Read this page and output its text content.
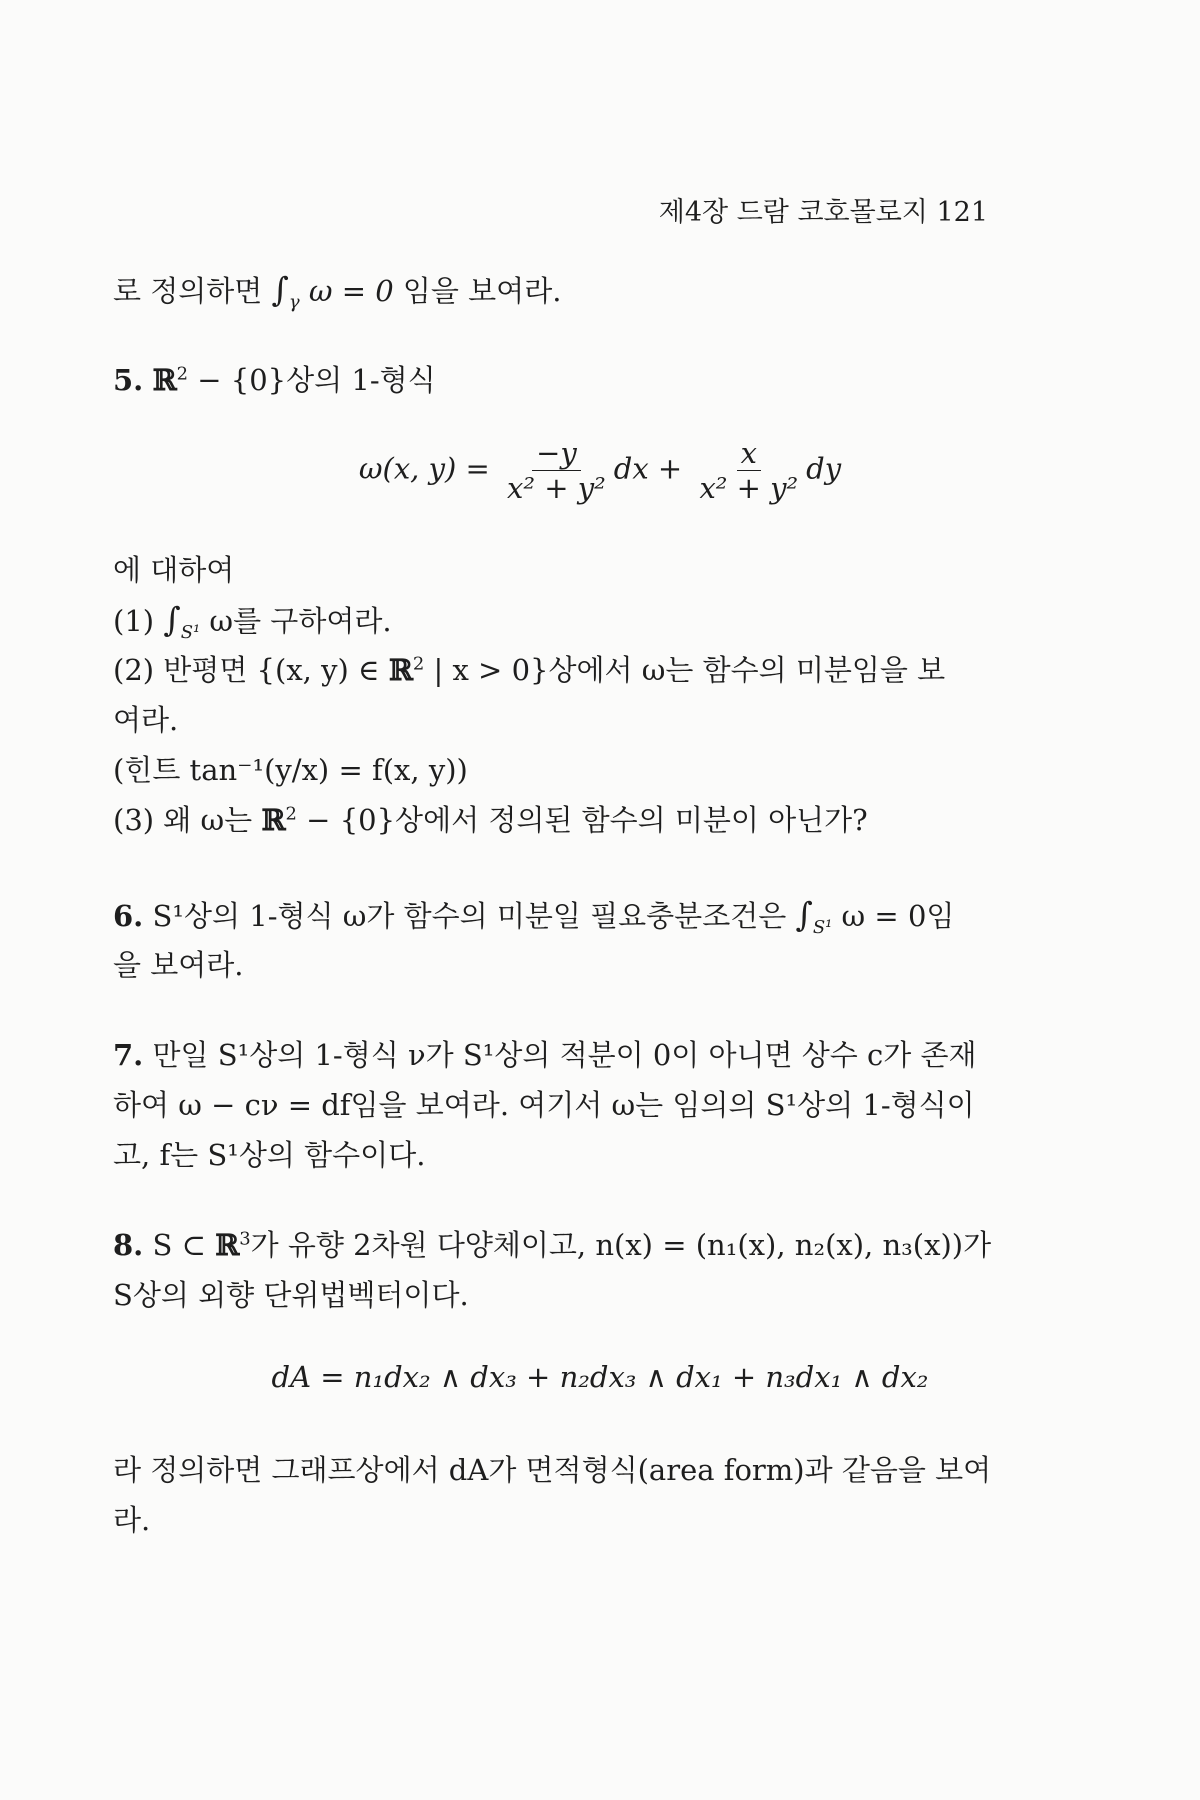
제4장 드람 코호몰로지 121
로 정의하면 $\int_\gamma$ ω = 0 임을 보여라.
5. ℝ$^2$ − {0}상의 1-형식
ω(x, $y) = \frac{-y}{\text{x² + y²}}$ dx + $\frac{x}{\text{x² + y²}}$ dy
에 대하여
(1) $\int_{S^1}$ ω를 구하여라.
(2) 반평면 {(x, y) ∈ ℝ$^2$ | x > 0}상에서 ω는 함수의 미분임을 보
여라.
(힌트 tan⁻¹(y/x) = f(x, y))
(3) 왜 ω는 ℝ$^2$ − {0}상에서 정의된 함수의 미분이 아닌가?
6. S¹상의 1-형식 ω가 함수의 미분일 필요충분조건은 $\int_{S^1}$ ω = 0임
을 보여라.
7. 만일 S¹상의 1-형식 ν가 S¹상의 적분이 0이 아니면 상수 c가 존재
하여 ω − cν = df임을 보여라. 여기서 ω는 임의의 S¹상의 1-형식이
고, f는 S¹상의 함수이다.
8. S ⊂ ℝ$^3$가 유향 2차원 다양체이고, n(x) = (n₁(x), n₂(x), n₃(x))가
S상의 외향 단위법벡터이다.
dA = n₁dx₂ ∧ dx₃ + n₂dx₃ ∧ dx₁ + n₃dx₁ ∧ dx₂
라 정의하면 그래프상에서 dA가 면적형식(area form)과 같음을 보여
라.
